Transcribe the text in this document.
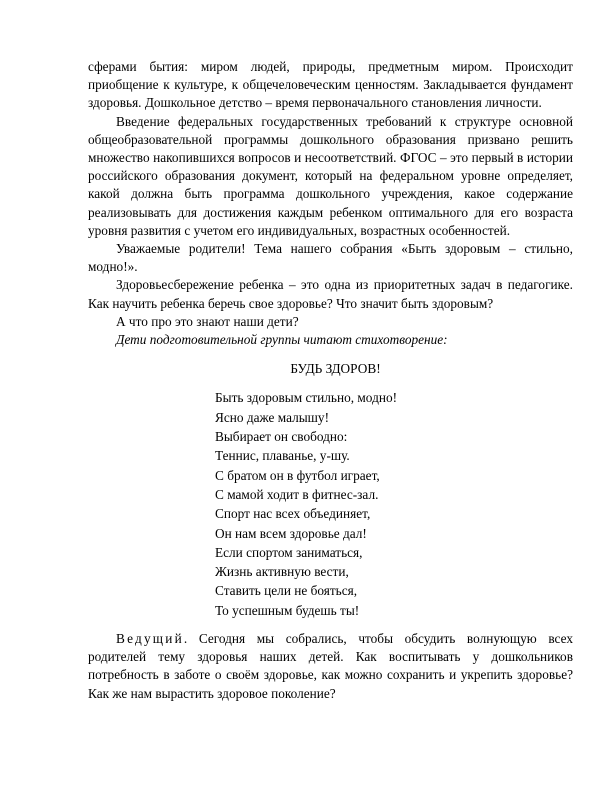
сферами бытия: миром людей, природы, предметным миром. Происходит приобщение к культуре, к общечеловеческим ценностям. Закладывается фундамент здоровья. Дошкольное детство – время первоначального становления личности.

Введение федеральных государственных требований к структуре основной общеобразовательной программы дошкольного образования призвано решить множество накопившихся вопросов и несоответствий. ФГОС – это первый в истории российского образования документ, который на федеральном уровне определяет, какой должна быть программа дошкольного учреждения, какое содержание реализовывать для достижения каждым ребенком оптимального для его возраста уровня развития с учетом его индивидуальных, возрастных особенностей.

Уважаемые родители! Тема нашего собрания «Быть здоровым – стильно, модно!».

Здоровьесбережение ребенка – это одна из приоритетных задач в педагогике. Как научить ребенка беречь свое здоровье? Что значит быть здоровым?

А что про это знают наши дети?

Дети подготовительной группы читают стихотворение:

БУДЬ ЗДОРОВ!
Быть здоровым стильно, модно!
Ясно даже малышу!
Выбирает он свободно:
Теннис, плаванье, у-шу.
С братом он в футбол играет,
С мамой ходит в фитнес-зал.
Спорт нас всех объединяет,
Он нам всем здоровье дал!
Если спортом заниматься,
Жизнь активную вести,
Ставить цели не бояться,
То успешным будешь ты!

Ведущий. Сегодня мы собрались, чтобы обсудить волнующую всех родителей тему здоровья наших детей. Как воспитывать у дошкольников потребность в заботе о своём здоровье, как можно сохранить и укрепить здоровье? Как же нам вырастить здоровое поколение?
